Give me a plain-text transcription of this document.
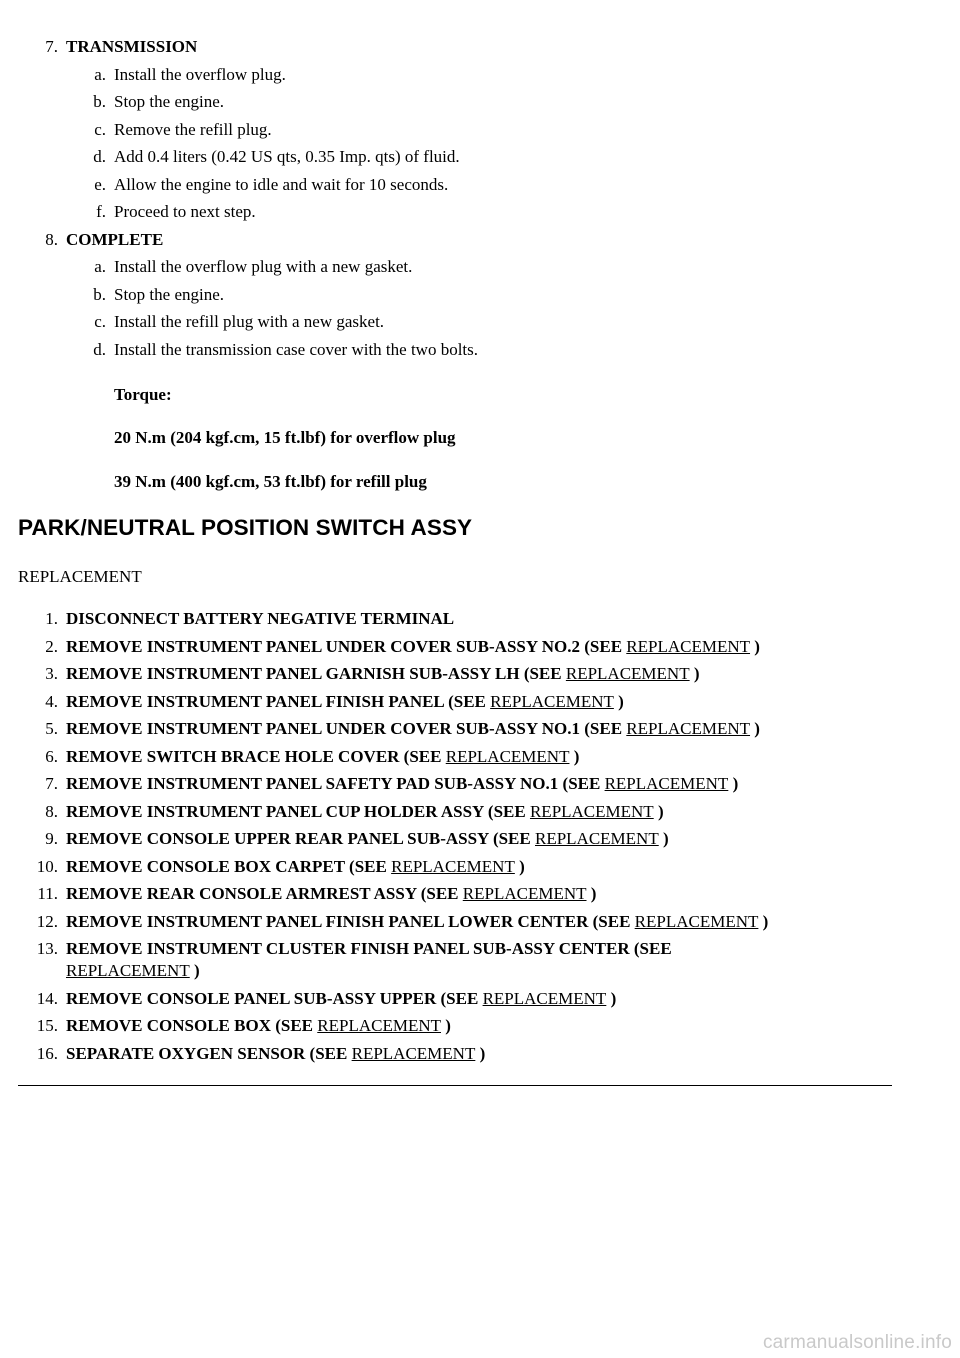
7. TRANSMISSION
a. Install the overflow plug.
b. Stop the engine.
c. Remove the refill plug.
d. Add 0.4 liters (0.42 US qts, 0.35 Imp. qts) of fluid.
e. Allow the engine to idle and wait for 10 seconds.
f. Proceed to next step.
8. COMPLETE
a. Install the overflow plug with a new gasket.
b. Stop the engine.
c. Install the refill plug with a new gasket.
d. Install the transmission case cover with the two bolts.
Torque:
20 N.m (204 kgf.cm, 15 ft.lbf) for overflow plug
39 N.m (400 kgf.cm, 53 ft.lbf) for refill plug
PARK/NEUTRAL POSITION SWITCH ASSY
REPLACEMENT
1. DISCONNECT BATTERY NEGATIVE TERMINAL
2. REMOVE INSTRUMENT PANEL UNDER COVER SUB-ASSY NO.2 (SEE REPLACEMENT )
3. REMOVE INSTRUMENT PANEL GARNISH SUB-ASSY LH (SEE REPLACEMENT )
4. REMOVE INSTRUMENT PANEL FINISH PANEL (SEE REPLACEMENT )
5. REMOVE INSTRUMENT PANEL UNDER COVER SUB-ASSY NO.1 (SEE REPLACEMENT )
6. REMOVE SWITCH BRACE HOLE COVER (SEE REPLACEMENT )
7. REMOVE INSTRUMENT PANEL SAFETY PAD SUB-ASSY NO.1 (SEE REPLACEMENT )
8. REMOVE INSTRUMENT PANEL CUP HOLDER ASSY (SEE REPLACEMENT )
9. REMOVE CONSOLE UPPER REAR PANEL SUB-ASSY (SEE REPLACEMENT )
10. REMOVE CONSOLE BOX CARPET (SEE REPLACEMENT )
11. REMOVE REAR CONSOLE ARMREST ASSY (SEE REPLACEMENT )
12. REMOVE INSTRUMENT PANEL FINISH PANEL LOWER CENTER (SEE REPLACEMENT )
13. REMOVE INSTRUMENT CLUSTER FINISH PANEL SUB-ASSY CENTER (SEE REPLACEMENT )
14. REMOVE CONSOLE PANEL SUB-ASSY UPPER (SEE REPLACEMENT )
15. REMOVE CONSOLE BOX (SEE REPLACEMENT )
16. SEPARATE OXYGEN SENSOR (SEE REPLACEMENT )
carmanualsonline.info
